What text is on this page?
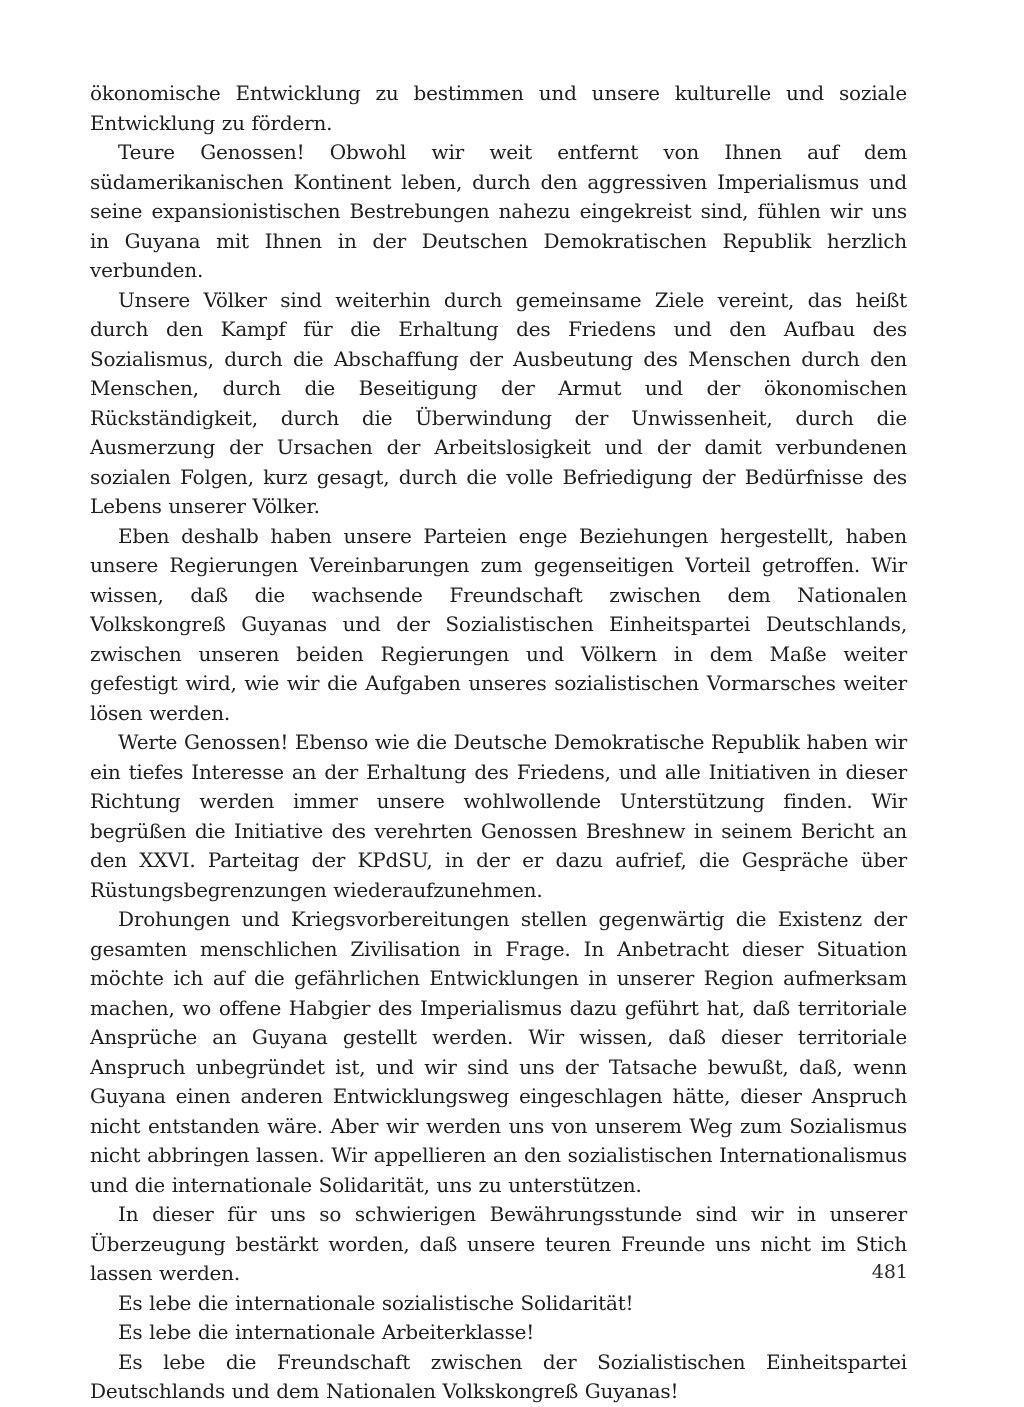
ökonomische Entwicklung zu bestimmen und unsere kulturelle und soziale Entwicklung zu fördern.

Teure Genossen! Obwohl wir weit entfernt von Ihnen auf dem südamerikanischen Kontinent leben, durch den aggressiven Imperialismus und seine expansionistischen Bestrebungen nahezu eingekreist sind, fühlen wir uns in Guyana mit Ihnen in der Deutschen Demokratischen Republik herzlich verbunden.

Unsere Völker sind weiterhin durch gemeinsame Ziele vereint, das heißt durch den Kampf für die Erhaltung des Friedens und den Aufbau des Sozialismus, durch die Abschaffung der Ausbeutung des Menschen durch den Menschen, durch die Beseitigung der Armut und der ökonomischen Rückständigkeit, durch die Überwindung der Unwissenheit, durch die Ausmerzung der Ursachen der Arbeitslosigkeit und der damit verbundenen sozialen Folgen, kurz gesagt, durch die volle Befriedigung der Bedürfnisse des Lebens unserer Völker.

Eben deshalb haben unsere Parteien enge Beziehungen hergestellt, haben unsere Regierungen Vereinbarungen zum gegenseitigen Vorteil getroffen. Wir wissen, daß die wachsende Freundschaft zwischen dem Nationalen Volkskongreß Guyanas und der Sozialistischen Einheitspartei Deutschlands, zwischen unseren beiden Regierungen und Völkern in dem Maße weiter gefestigt wird, wie wir die Aufgaben unseres sozialistischen Vormarsches weiter lösen werden.

Werte Genossen! Ebenso wie die Deutsche Demokratische Republik haben wir ein tiefes Interesse an der Erhaltung des Friedens, und alle Initiativen in dieser Richtung werden immer unsere wohlwollende Unterstützung finden. Wir begrüßen die Initiative des verehrten Genossen Breshnew in seinem Bericht an den XXVI. Parteitag der KPdSU, in der er dazu aufrief, die Gespräche über Rüstungsbegrenzungen wiederaufzunehmen.

Drohungen und Kriegsvorbereitungen stellen gegenwärtig die Existenz der gesamten menschlichen Zivilisation in Frage. In Anbetracht dieser Situation möchte ich auf die gefährlichen Entwicklungen in unserer Region aufmerksam machen, wo offene Habgier des Imperialismus dazu geführt hat, daß territoriale Ansprüche an Guyana gestellt werden. Wir wissen, daß dieser territoriale Anspruch unbegründet ist, und wir sind uns der Tatsache bewußt, daß, wenn Guyana einen anderen Entwicklungsweg eingeschlagen hätte, dieser Anspruch nicht entstanden wäre. Aber wir werden uns von unserem Weg zum Sozialismus nicht abbringen lassen. Wir appellieren an den sozialistischen Internationalismus und die internationale Solidarität, uns zu unterstützen.

In dieser für uns so schwierigen Bewährungsstunde sind wir in unserer Überzeugung bestärkt worden, daß unsere teuren Freunde uns nicht im Stich lassen werden.

Es lebe die internationale sozialistische Solidarität!

Es lebe die internationale Arbeiterklasse!

Es lebe die Freundschaft zwischen der Sozialistischen Einheitspartei Deutschlands und dem Nationalen Volkskongreß Guyanas!

481
